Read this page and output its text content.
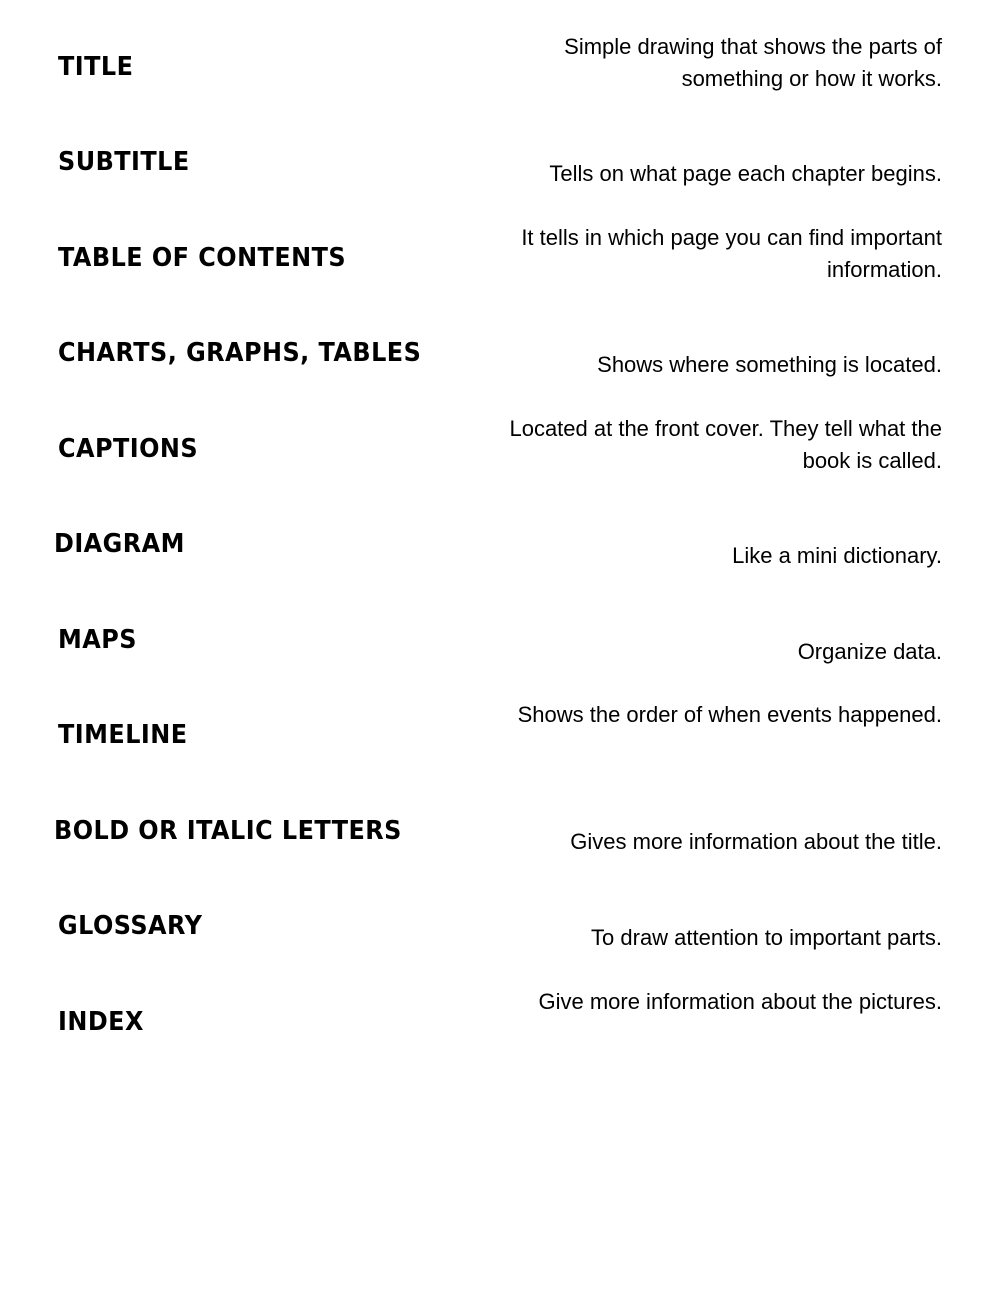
TITLE
SUBTITLE
TABLE OF CONTENTS
CHARTS, GRAPHS, TABLES
CAPTIONS
DIAGRAM
MAPS
TIMELINE
BOLD OR ITALIC LETTERS
GLOSSARY
INDEX
Simple drawing that shows the parts of something or how it works.
Tells on what page each chapter begins.
It tells in which page you can find important information.
Shows where something is located.
Located at the front cover. They tell what the book is called.
Like a mini dictionary.
Organize data.
Shows the order of when events happened.
Gives more information about the title.
To draw attention to important parts.
Give more information about the pictures.
